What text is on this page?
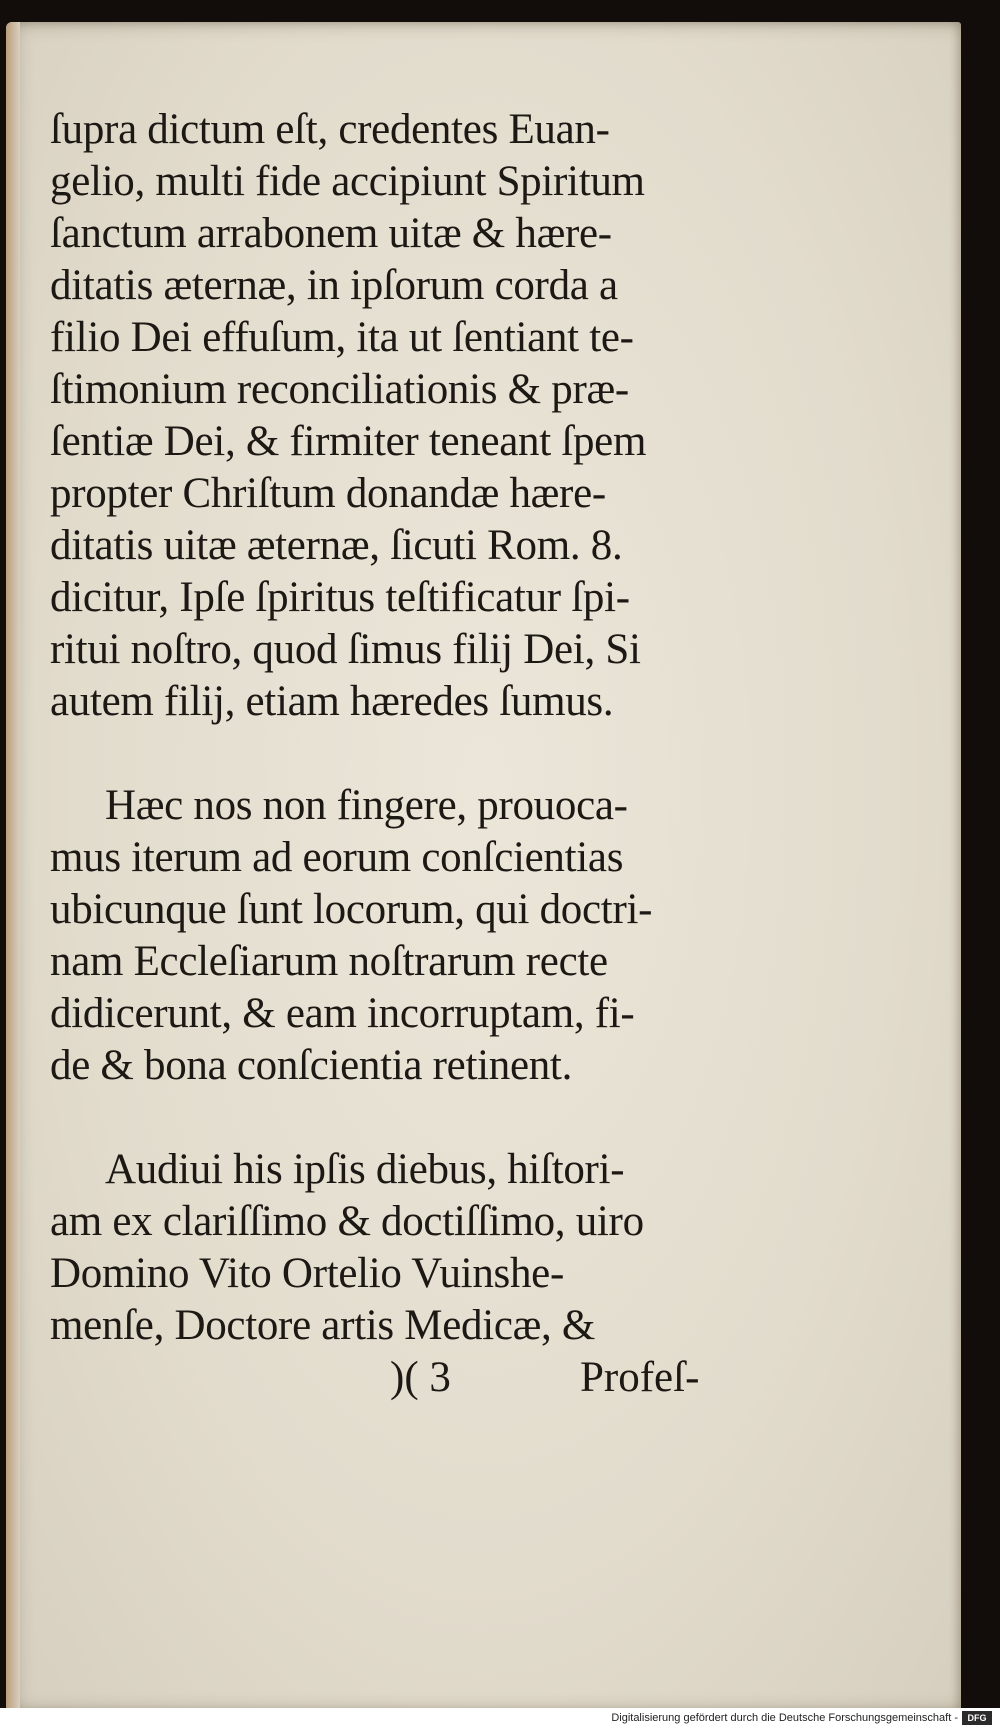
ſupra dictum eſt, credentes Euan-
gelio, multi fide accipiunt Spiritum
ſanctum arrabonem uitæ & hære-
ditatis æternæ, in ipſorum corda a
filio Dei effuſum, ita ut ſentiant te-
ſtimonium reconciliationis & præ-
ſentiæ Dei, & firmiter teneant ſpem
propter Chriſtum donandæ hære-
ditatis uitæ æternæ, ſicuti Rom. 8.
dicitur, Ipſe ſpiritus teſtificatur ſpi-
ritui noſtro, quod ſimus filij Dei, Si
autem filij, etiam hæredes ſumus.
Hæc nos non fingere, prouoca-
mus iterum ad eorum conſcientias
ubicunque ſunt locorum, qui doctri-
nam Eccleſiarum noſtrarum recte
didicerunt, & eam incorruptam, fi-
de & bona conſcientia retinent.
Audiui his ipſis diebus, hiſtori-
am ex clariſſimo & doctiſſimo, uiro
Domino Vito Ortelio Vuinshe-
menſe, Doctore artis Medicæ, &
)( 3	Profeſ-
Digitalisierung gefördert durch die Deutsche Forschungsgemeinschaft -	DFG
